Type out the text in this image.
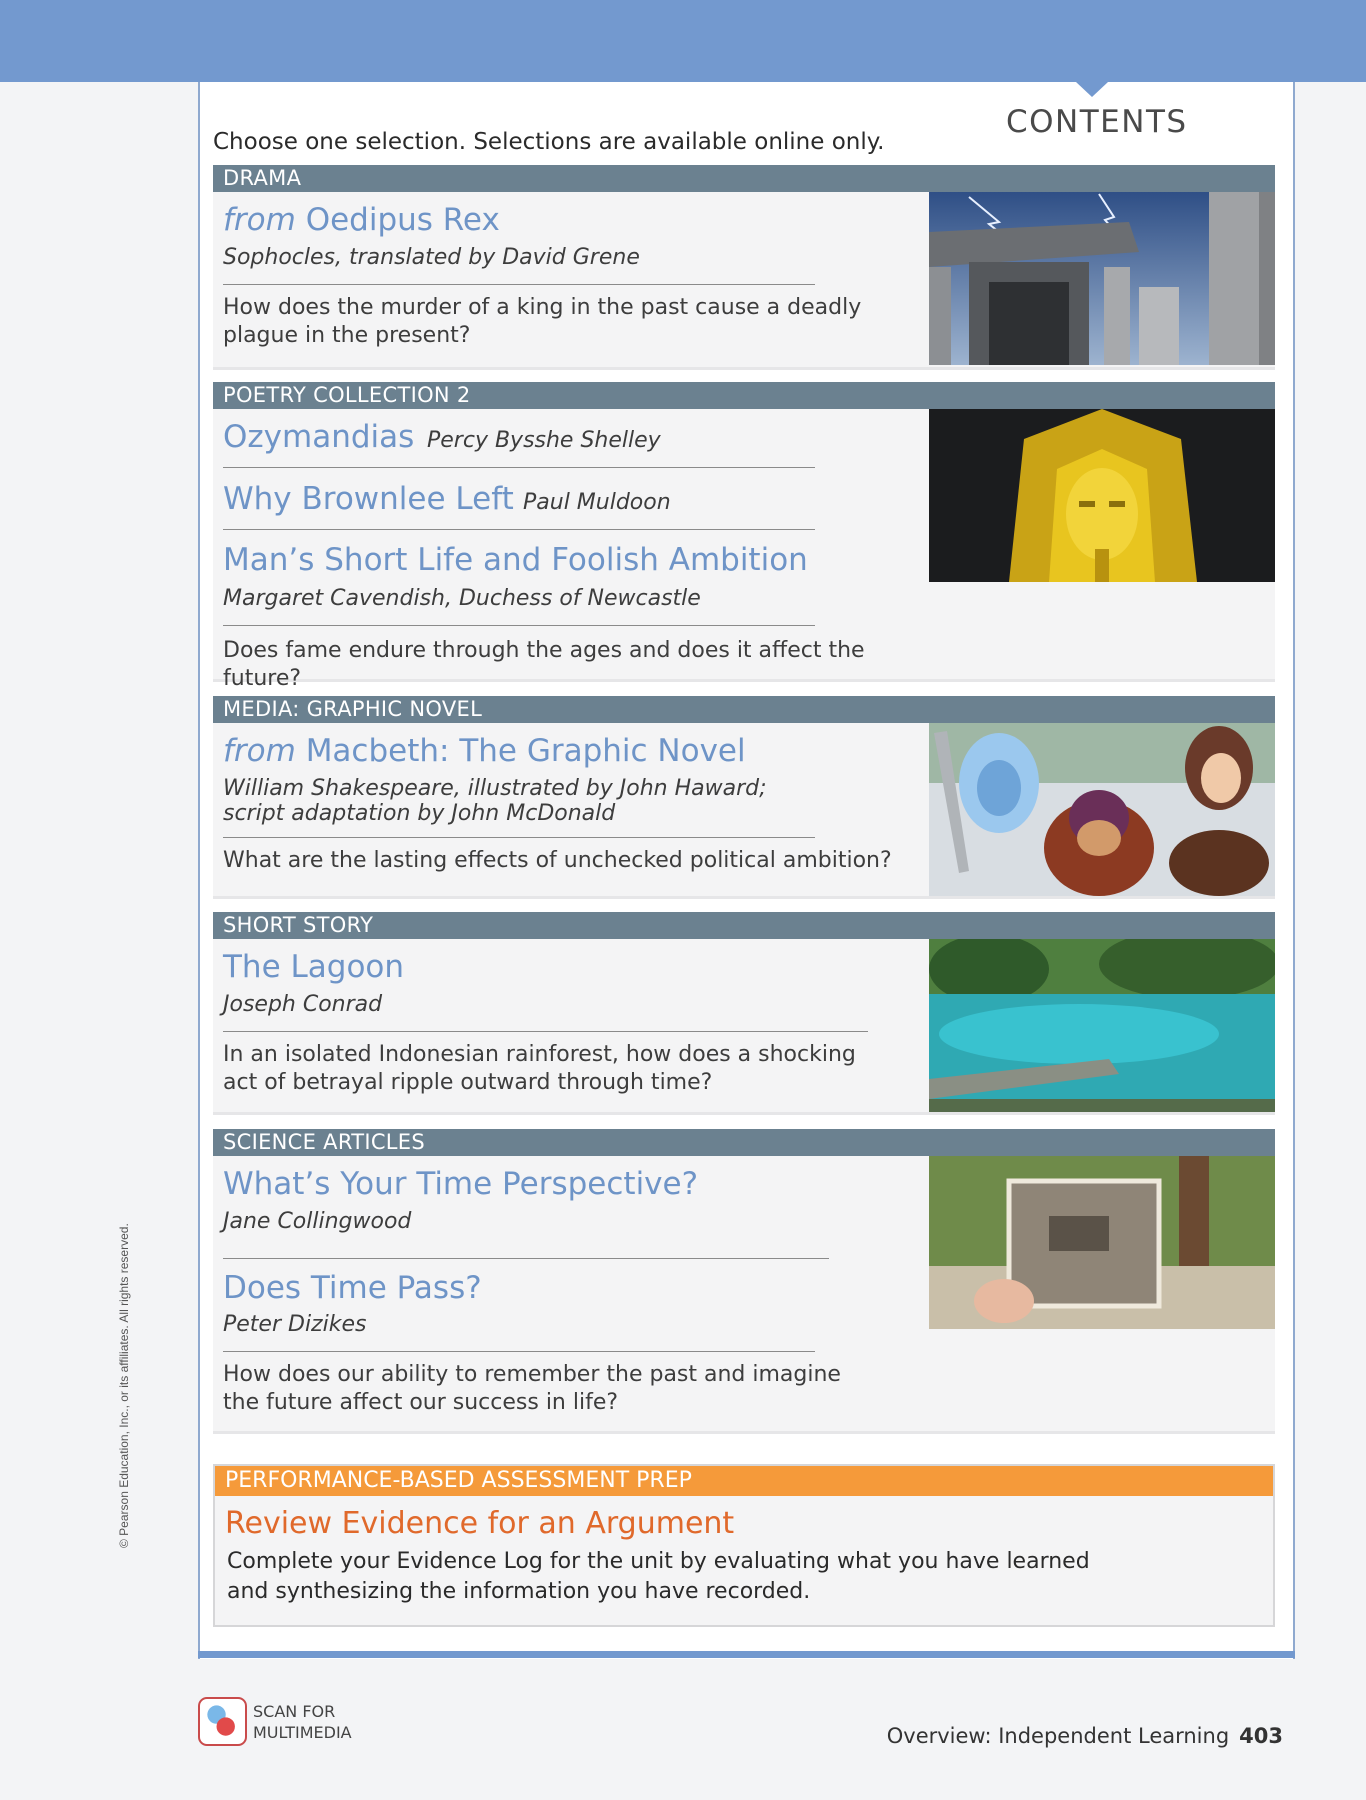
CONTENTS
Choose one selection. Selections are available online only.
DRAMA
from Oedipus Rex
Sophocles, translated by David Grene
How does the murder of a king in the past cause a deadly plague in the present?
POETRY COLLECTION 2
Ozymandias Percy Bysshe Shelley
Why Brownlee Left Paul Muldoon
Man’s Short Life and Foolish Ambition
Margaret Cavendish, Duchess of Newcastle
Does fame endure through the ages and does it affect the future?
MEDIA: GRAPHIC NOVEL
from Macbeth: The Graphic Novel
William Shakespeare, illustrated by John Haward;
script adaptation by John McDonald
What are the lasting effects of unchecked political ambition?
SHORT STORY
The Lagoon
Joseph Conrad
In an isolated Indonesian rainforest, how does a shocking act of betrayal ripple outward through time?
SCIENCE ARTICLES
What’s Your Time Perspective?
Jane Collingwood
Does Time Pass?
Peter Dizikes
How does our ability to remember the past and imagine the future affect our success in life?
PERFORMANCE-BASED ASSESSMENT PREP
Review Evidence for an Argument
Complete your Evidence Log for the unit by evaluating what you have learned and synthesizing the information you have recorded.
© Pearson Education, Inc., or its affiliates. All rights reserved.
SCAN FOR
MULTIMEDIA	Overview: Independent Learning 403
